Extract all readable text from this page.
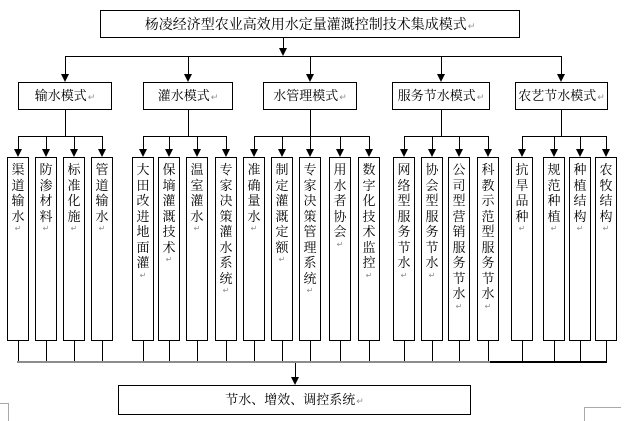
杨凌经济型农业高效用水定量灌溉控制技术集成模式↵
输水模式↵	灌水模式↵	水管理模式↵	服务节水模式↵	农艺节水模式↵
渠道输水
↵
防渗材料
↵
标准化施
↵
管道输水
↵
大田改进地面灌
↵
保墒灌溉技术
↵
温室灌水
↵
专家决策灌水系统
↵
准确量水
↵
制定灌溉定额
↵
专家决策管理系统
↵
用水者协会
↵
数字化技术监控
↵
网络型服务节水
↵
协会型服务节水
↵
公司型营销服务节水
↵
科教示范型服务节水
↵
抗旱品种
↵
规范种植
↵
种植结构
↵
农牧结构
↵
节水、增效、调控系统↵
